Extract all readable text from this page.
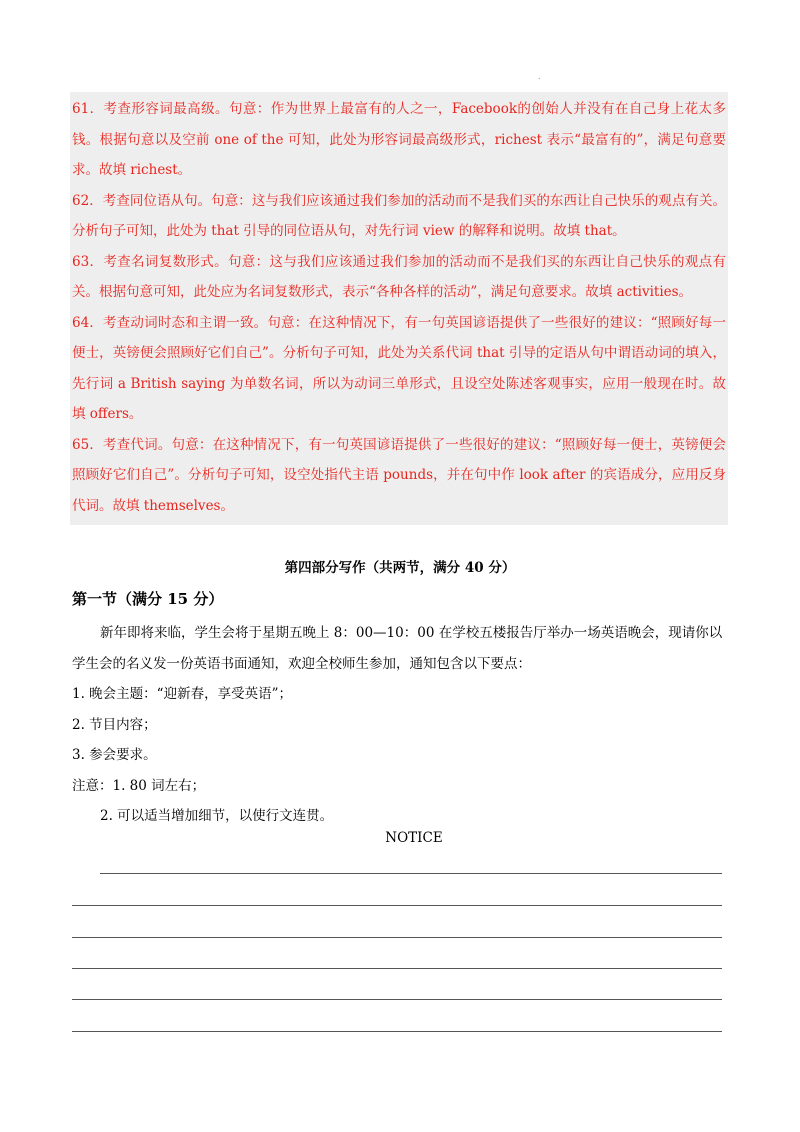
.

61．考查形容词最高级。句意：作为世界上最富有的人之一，Facebook的创始人并没有在自己身上花太多钱。根据句意以及空前 one of the 可知，此处为形容词最高级形式，richest 表示“最富有的”，满足句意要求。故填 richest。

62．考查同位语从句。句意：这与我们应该通过我们参加的活动而不是我们买的东西让自己快乐的观点有关。分析句子可知，此处为 that 引导的同位语从句，对先行词 view 的解释和说明。故填 that。

63．考查名词复数形式。句意：这与我们应该通过我们参加的活动而不是我们买的东西让自己快乐的观点有关。根据句意可知，此处应为名词复数形式，表示“各种各样的活动”，满足句意要求。故填 activities。

64．考查动词时态和主谓一致。句意：在这种情况下，有一句英国谚语提供了一些很好的建议：“照顾好每一便士，英镑便会照顾好它们自己”。分析句子可知，此处为关系代词 that 引导的定语从句中谓语动词的填入，先行词 a British saying 为单数名词，所以为动词三单形式，且设空处陈述客观事实，应用一般现在时。故填 offers。

65．考查代词。句意：在这种情况下，有一句英国谚语提供了一些很好的建议：“照顾好每一便士，英镑便会照顾好它们自己”。分析句子可知，设空处指代主语 pounds，并在句中作 look after 的宾语成分，应用反身代词。故填 themselves。

第四部分写作（共两节，满分 40 分）
第一节（满分 15 分）

新年即将来临，学生会将于星期五晚上 8：00—10：00 在学校五楼报告厅举办一场英语晚会，现请你以学生会的名义发一份英语书面通知，欢迎全校师生参加，通知包含以下要点：

1. 晚会主题：“迎新春，享受英语”；

2. 节目内容；

3. 参会要求。

注意：1. 80 词左右；

2. 可以适当增加细节，以使行文连贯。

NOTICE
